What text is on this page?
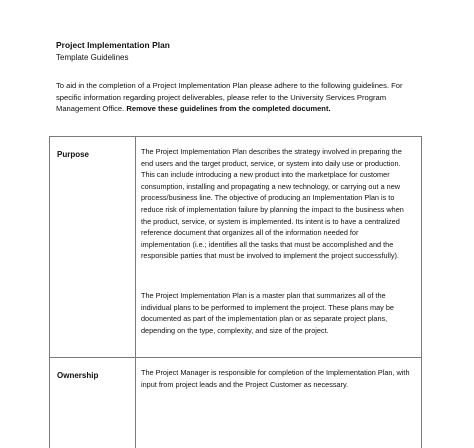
Project Implementation Plan
Template Guidelines
To aid in the completion of a Project Implementation Plan please adhere to the following guidelines. For
specific information regarding project deliverables, please refer to the University Services Program
Management Office. Remove these guidelines from the completed document.
Purpose	The Project Implementation Plan describes the strategy involved in preparing the
end users and the target product, service, or system into daily use or production.
This can include introducing a new product into the marketplace for customer
consumption, installing and propagating a new technology, or carrying out a new
process/business line. The objective of producing an Implementation Plan is to
reduce risk of implementation failure by planning the impact to the business when
the product, service, or system is implemented. Its intent is to have a centralized
reference document that organizes all of the information needed for
implementation (i.e.; identifies all the tasks that must be accomplished and the
responsible parties that must be involved to implement the project successfully).
The Project Implementation Plan is a master plan that summarizes all of the
individual plans to be performed to implement the project. These plans may be
documented as part of the implementation plan or as separate project plans,
depending on the type, complexity, and size of the project.
Ownership	The Project Manager is responsible for completion of the Implementation Plan, with
input from project leads and the Project Customer as necessary.
